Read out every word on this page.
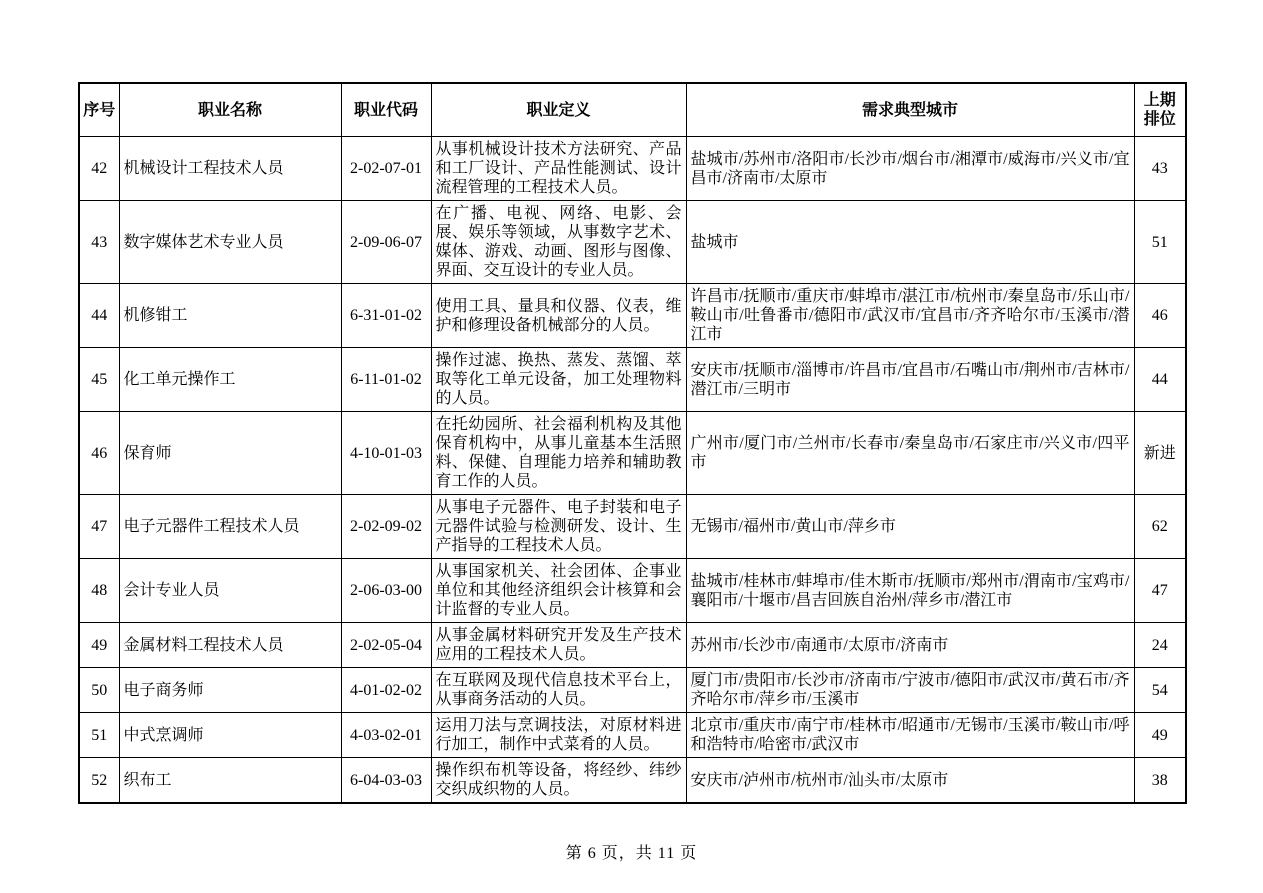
序号	职业名称	职业代码	职业定义	需求典型城市	上期排位
42	机械设计工程技术人员	2-02-07-01	从事机械设计技术方法研究、产品和工厂设计、产品性能测试、设计流程管理的工程技术人员。	盐城市/苏州市/洛阳市/长沙市/烟台市/湘潭市/威海市/兴义市/宜昌市/济南市/太原市	43
43	数字媒体艺术专业人员	2-09-06-07	在广播、电视、网络、电影、会展、娱乐等领域，从事数字艺术、媒体、游戏、动画、图形与图像、界面、交互设计的专业人员。	盐城市	51
44	机修钳工	6-31-01-02	使用工具、量具和仪器、仪表，维护和修理设备机械部分的人员。	许昌市/抚顺市/重庆市/蚌埠市/湛江市/杭州市/秦皇岛市/乐山市/鞍山市/吐鲁番市/德阳市/武汉市/宜昌市/齐齐哈尔市/玉溪市/潜江市	46
45	化工单元操作工	6-11-01-02	操作过滤、换热、蒸发、蒸馏、萃取等化工单元设备，加工处理物料的人员。	安庆市/抚顺市/淄博市/许昌市/宜昌市/石嘴山市/荆州市/吉林市/潜江市/三明市	44
46	保育师	4-10-01-03	在托幼园所、社会福利机构及其他保育机构中，从事儿童基本生活照料、保健、自理能力培养和辅助教育工作的人员。	广州市/厦门市/兰州市/长春市/秦皇岛市/石家庄市/兴义市/四平市	新进
47	电子元器件工程技术人员	2-02-09-02	从事电子元器件、电子封装和电子元器件试验与检测研发、设计、生产指导的工程技术人员。	无锡市/福州市/黄山市/萍乡市	62
48	会计专业人员	2-06-03-00	从事国家机关、社会团体、企事业单位和其他经济组织会计核算和会计监督的专业人员。	盐城市/桂林市/蚌埠市/佳木斯市/抚顺市/郑州市/渭南市/宝鸡市/襄阳市/十堰市/昌吉回族自治州/萍乡市/潜江市	47
49	金属材料工程技术人员	2-02-05-04	从事金属材料研究开发及生产技术应用的工程技术人员。	苏州市/长沙市/南通市/太原市/济南市	24
50	电子商务师	4-01-02-02	在互联网及现代信息技术平台上，从事商务活动的人员。	厦门市/贵阳市/长沙市/济南市/宁波市/德阳市/武汉市/黄石市/齐齐哈尔市/萍乡市/玉溪市	54
51	中式烹调师	4-03-02-01	运用刀法与烹调技法，对原材料进行加工，制作中式菜肴的人员。	北京市/重庆市/南宁市/桂林市/昭通市/无锡市/玉溪市/鞍山市/呼和浩特市/哈密市/武汉市	49
52	织布工	6-04-03-03	操作织布机等设备，将经纱、纬纱交织成织物的人员。	安庆市/泸州市/杭州市/汕头市/太原市	38
第 6 页，共 11 页
